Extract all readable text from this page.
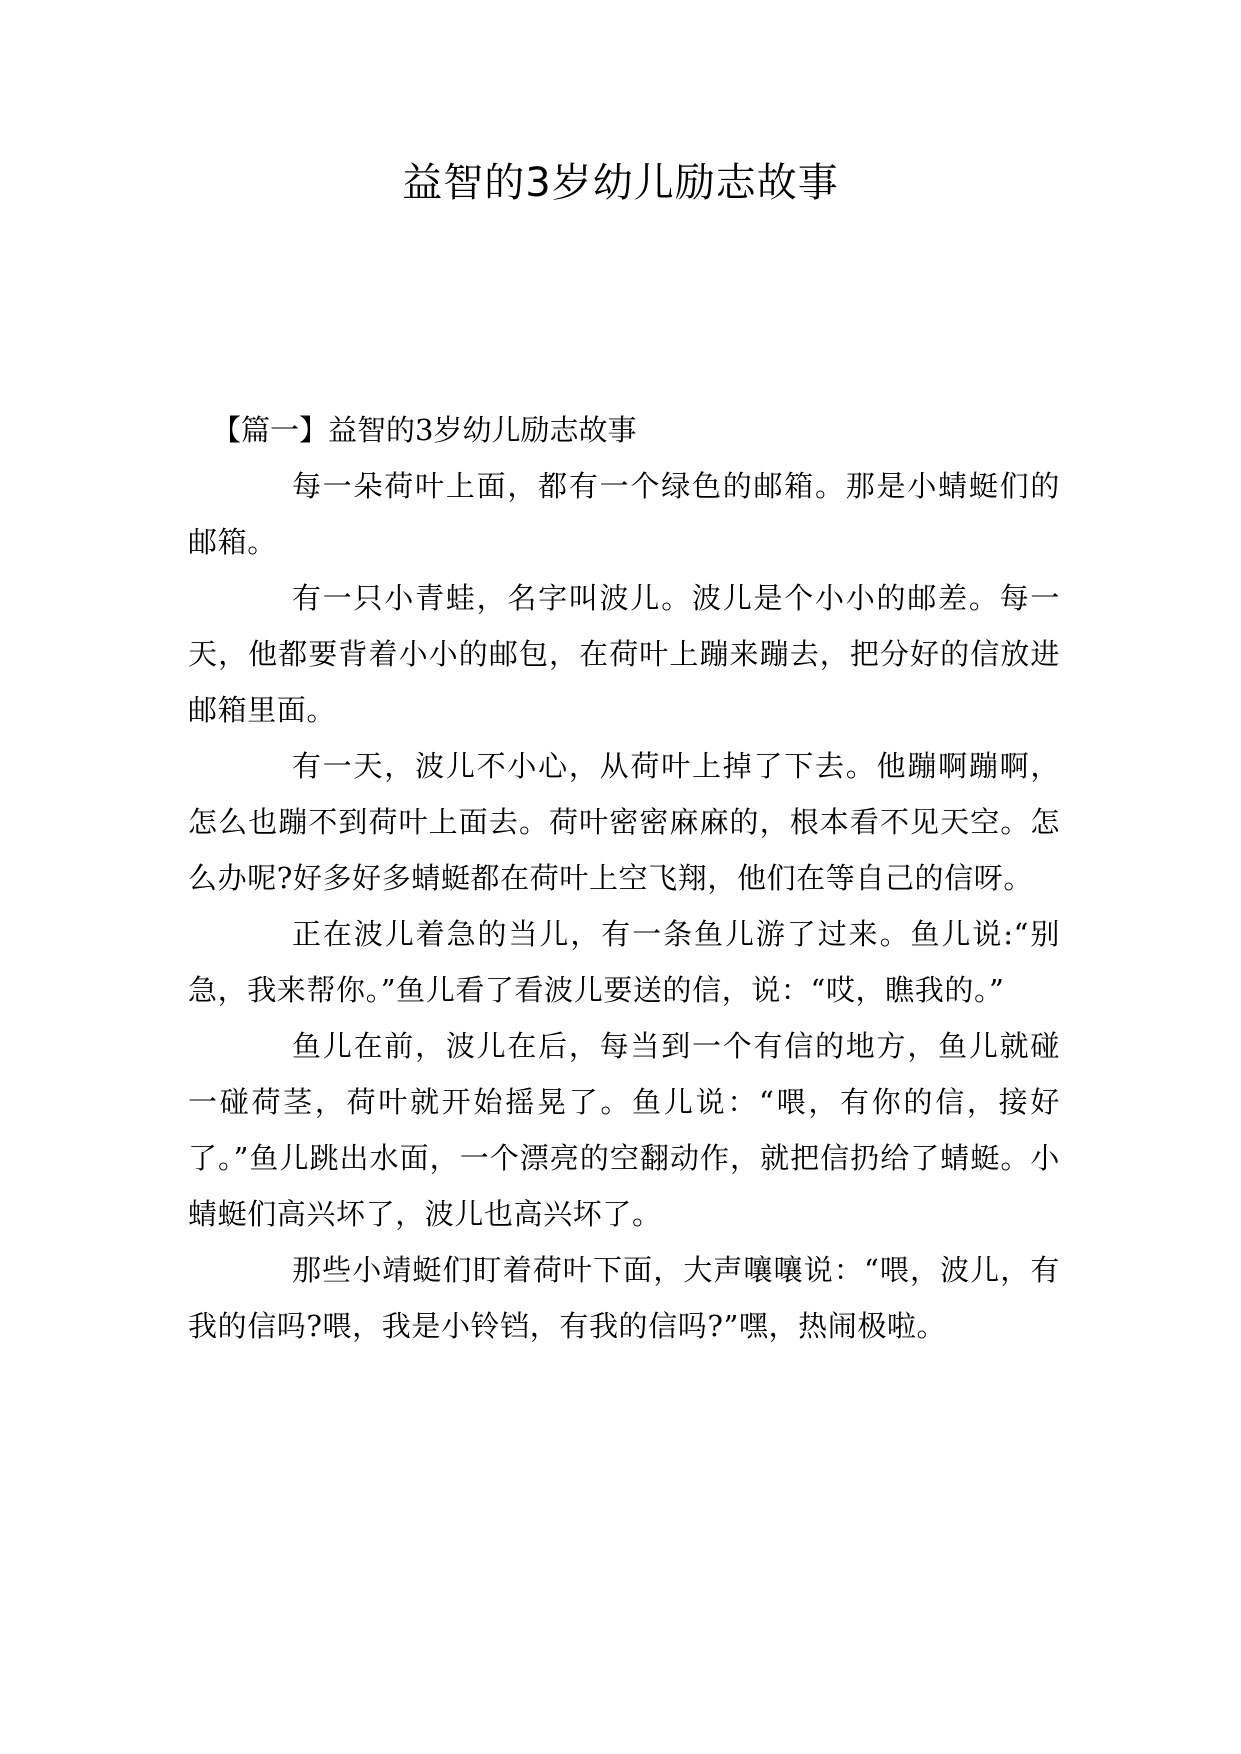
益智的3岁幼儿励志故事

【篇一】益智的3岁幼儿励志故事

每一朵荷叶上面，都有一个绿色的邮箱。那是小蜻蜓们的邮箱。

有一只小青蛙，名字叫波儿。波儿是个小小的邮差。每一天，他都要背着小小的邮包，在荷叶上蹦来蹦去，把分好的信放进邮箱里面。

有一天，波儿不小心，从荷叶上掉了下去。他蹦啊蹦啊，怎么也蹦不到荷叶上面去。荷叶密密麻麻的，根本看不见天空。怎么办呢?好多好多蜻蜓都在荷叶上空飞翔，他们在等自己的信呀。

正在波儿着急的当儿，有一条鱼儿游了过来。鱼儿说:“别急，我来帮你。”鱼儿看了看波儿要送的信，说：“哎，瞧我的。”

鱼儿在前，波儿在后，每当到一个有信的地方，鱼儿就碰一碰荷茎，荷叶就开始摇晃了。鱼儿说：“喂，有你的信，接好了。”鱼儿跳出水面，一个漂亮的空翻动作，就把信扔给了蜻蜓。小蜻蜓们高兴坏了，波儿也高兴坏了。

那些小靖蜓们盯着荷叶下面，大声嚷嚷说：“喂，波儿，有我的信吗?喂，我是小铃铛，有我的信吗?”嘿，热闹极啦。
